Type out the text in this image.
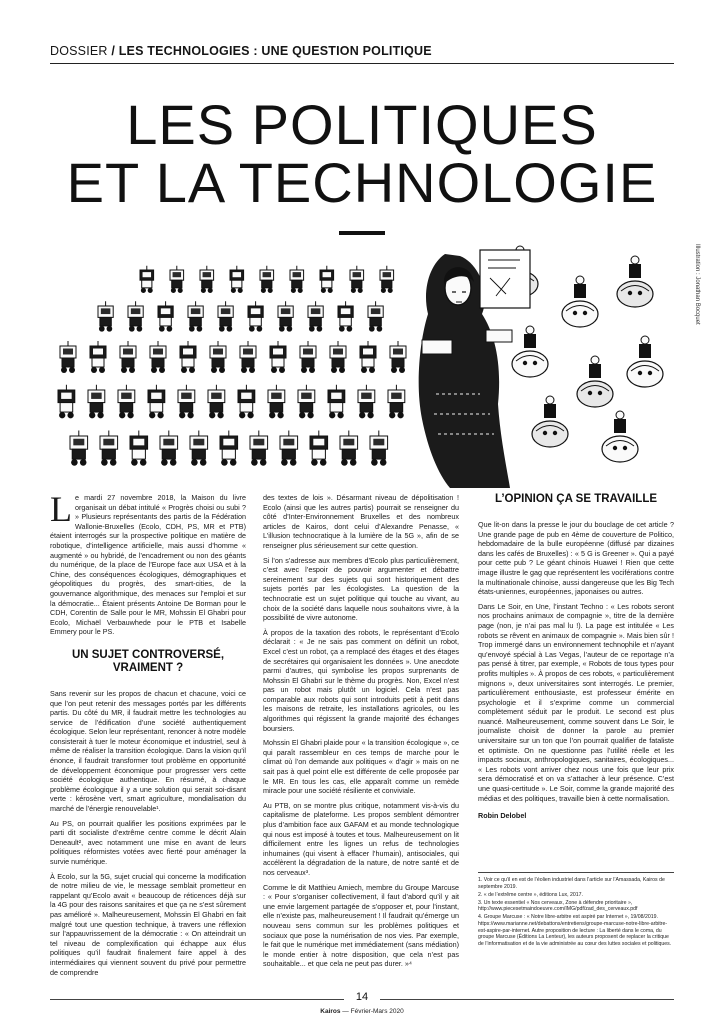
DOSSIER / LES TECHNOLOGIES : UNE QUESTION POLITIQUE
LES POLITIQUES
ET LA TECHNOLOGIE
Illustration : Jonathan Bocquet

Le mardi 27 novembre 2018, la Maison du livre organisait un débat intitulé « Progrès choisi ou subi ? » Plusieurs représentants des partis de la Fédération Wallonie-Bruxelles (Ecolo, CDH, PS, MR et PTB) étaient interrogés sur la prospective politique en matière de robotique, d’intelligence artificielle, mais aussi d’homme « augmenté » ou hybridé, de l’encadrement ou non des géants du numérique, de la place de l’Europe face aux USA et à la Chine, des conséquences écologiques, démographiques et géopolitiques du progrès, des smart-cities, de la gouvernance algorithmique, des menaces sur l’emploi et sur la démocratie... Étaient présents Antoine De Borman pour le CDH, Corentin de Salle pour le MR, Mohssin El Ghabri pour Ecolo, Michaël Verbauwhede pour le PTB et Isabelle Emmery pour le PS.

UN SUJET CONTROVERSÉ, VRAIMENT ?

Sans revenir sur les propos de chacun et chacune, voici ce que l’on peut retenir des messages portés par les différents partis. Du côté du MR, il faudrait mettre les technologies au service de l’édification d’une société authentiquement écologique. Selon leur représentant, renoncer à notre modèle consisterait à tuer le moteur économique et industriel, seul à même de réaliser la transition écologique. Dans la vision qu’il énonce, il faudrait transformer tout problème en opportunité de développement économique pour progresser vers cette société écologique authentique. En résumé, à chaque problème écologique il y a une solution qui serait soi-disant verte : kérosène vert, smart agriculture, mondialisation du marché de l’énergie renouvelable¹.

Au PS, on pourrait qualifier les positions exprimées par le parti dit socialiste d’extrême centre comme le décrit Alain Deneault², avec notamment une mise en avant de leurs politiques réformistes votées avec fierté pour aménager la survie numérique.

À Ecolo, sur la 5G, sujet crucial qui concerne la modification de notre milieu de vie, le message semblait prometteur en rappelant qu’Ecolo avait « beaucoup de réticences déjà sur la 4G pour des raisons sanitaires et que ça ne s’est sûrement pas amélioré ». Malheureusement, Mohssin El Ghabri en fait malgré tout une question technique, à travers une réflexion sur l’appauvrissement de la démocratie : « On atteindrait un tel niveau de complexification qui échappe aux élus politiques qu’il faudrait finalement faire appel à des intermédiaires qui viennent souvent du privé pour permettre de comprendre

des textes de lois ». Désarmant niveau de dépolitisation ! Ecolo (ainsi que les autres partis) pourrait se renseigner du côté d’Inter-Environnement Bruxelles et des nombreux articles de Kairos, dont celui d’Alexandre Penasse, « L’illusion technocratique à la lumière de la 5G », afin de se renseigner plus sérieusement sur cette question.

Si l’on s’adresse aux membres d’Ecolo plus particulièrement, c’est avec l’espoir de pouvoir argumenter et débattre sereinement sur des sujets qui sont historiquement des sujets portés par les écologistes. La question de la technocratie est un sujet politique qui touche au vivant, au choix de la société dans laquelle nous souhaitons vivre, à la possibilité de vivre autonome.

À propos de la taxation des robots, le représentant d’Ecolo déclarait : « Je ne sais pas comment on définit un robot, Excel c’est un robot, ça a remplacé des étages et des étages de secrétaires qui organisaient les données ». Une anecdote parmi d’autres, qui symbolise les propos surprenants de Mohssin El Ghabri sur le thème du progrès. Non, Excel n’est pas un robot mais plutôt un logiciel. Cela n’est pas comparable aux robots qui sont introduits petit à petit dans les maisons de retraite, les installations agricoles, ou les algorithmes qui régissent la grande majorité des échanges boursiers.

Mohssin El Ghabri plaide pour « la transition écologique », ce qui paraît rassembleur en ces temps de marche pour le climat où l’on demande aux politiques « d’agir » mais on ne sait pas à quel point elle est différente de celle proposée par le MR. En tous les cas, elle apparaît comme un remède miracle pour une société résiliente et conviviale.

Au PTB, on se montre plus critique, notamment vis-à-vis du capitalisme de plateforme. Les propos semblent démontrer plus d’ambition face aux GAFAM et au monde technologique qui nous est imposé à toutes et tous. Malheureusement on lit difficilement entre les lignes un refus de technologies inhumaines (qui visent à effacer l’humain), antisociales, qui accélèrent la dégradation de la nature, de notre santé et de nos cerveaux³.

Comme le dit Matthieu Amiech, membre du Groupe Marcuse : « Pour s’organiser collectivement, il faut d’abord qu’il y ait une envie largement partagée de s’opposer et, pour l’instant, elle n’existe pas, malheureusement ! Il faudrait qu’émerge un nouveau sens commun sur les problèmes politiques et sociaux que pose la numérisation de nos vies. Par exemple, le fait que le numérique met immédiatement (sans médiation) le monde entier à notre disposition, que cela n’est pas souhaitable... et que cela ne peut pas durer. »⁴

L’OPINION ÇA SE TRAVAILLE

Que lit-on dans la presse le jour du bouclage de cet article ? Une grande page de pub en 4ème de couverture de Politico, hebdomadaire de la bulle européenne (diffusé par dizaines dans les cafés de Bruxelles) : « 5 G is Greener ». Qui a payé pour cette pub ? Le géant chinois Huawei ! Rien que cette image illustre le gag que représentent les vociférations contre la multinationale chinoise, aussi dangereuse que les Big Tech états-uniennes, européennes, japonaises ou autres.

Dans Le Soir, en Une, l’instant Techno : « Les robots seront nos prochains animaux de compagnie », titre de la dernière page (non, je n’ai pas mal lu !). La page est intitulée « Les robots se rêvent en animaux de compagnie ». Mais bien sûr ! Trop immergé dans un environnement technophile et n’ayant qu’envoyé spécial à Las Vegas, l’auteur de ce reportage n’a pas pensé à titrer, par exemple, « Robots de tous types pour profits multiples ». À propos de ces robots, « particulièrement mignons », deux universitaires sont interrogés. Le premier, particulièrement enthousiaste, est professeur émérite en psychologie et il s’exprime comme un commercial complètement séduit par le produit. Le second est plus nuancé. Malheureusement, comme souvent dans Le Soir, le journaliste choisit de donner la parole au premier universitaire sur un ton que l’on pourrait qualifier de fataliste et optimiste. On ne questionne pas l’utilité réelle et les impacts sociaux, anthropologiques, sanitaires, écologiques... « Les robots vont arriver chez nous une fois que leur prix sera démocratisé et on va s’attacher à leur présence. C’est une quasi-certitude ». Le Soir, comme la grande majorité des médias et des politiques, travaille bien à cette normalisation.

Robin Delobel
1. Voir ce qu’il en est de l’éolien industriel dans l’article sur l’Amassada, Kairos de septembre 2019.
2. « de l’extrême centre », éditions Lux, 2017.
3. Un texte essentiel « Nos cerveaux, Zone à défendre prioritaire », http://www.piecesetmaindoeuvre.com/IMG/pdf/zad_des_cerveaux.pdf
4. Groupe Marcuse : « Notre libre-arbitre est aspiré par Internet », 19/08/2019. https://www.marianne.net/debattons/entretiens/groupe-marcuse-notre-libre-arbitre-est-aspire-par-internet. Autre proposition de lecture : La liberté dans le coma, du groupe Marcuse (Éditions La Lenteur), les auteurs proposent de replacer la critique de l’informatisation et de la vie administrée au cœur des luttes sociales et politiques.
14
Kairos — Février-Mars 2020
